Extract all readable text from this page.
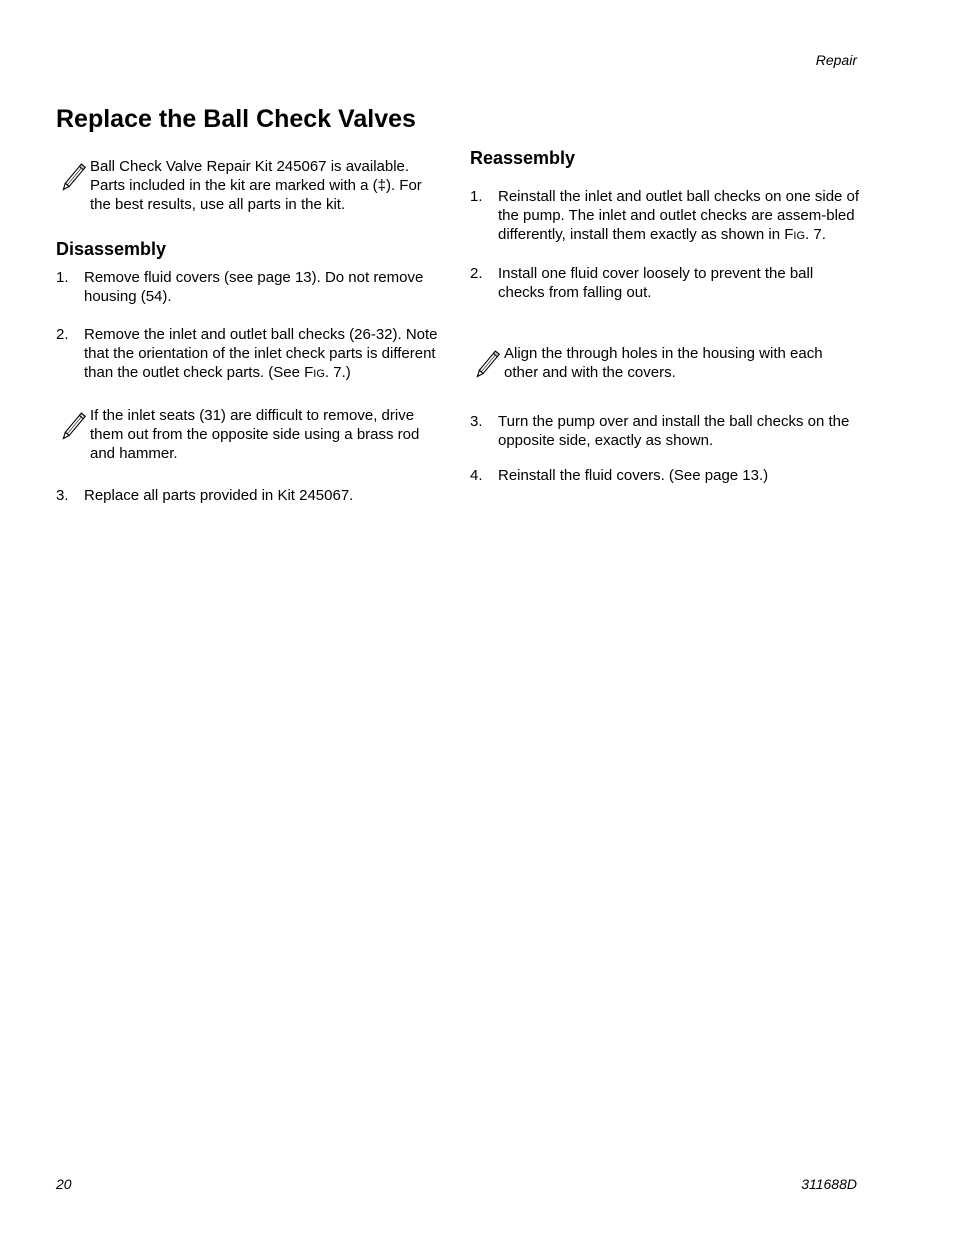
Repair
Replace the Ball Check Valves
Ball Check Valve Repair Kit 245067 is available. Parts included in the kit are marked with a (‡). For the best results, use all parts in the kit.
Disassembly
1.	Remove fluid covers (see page 13). Do not remove housing (54).
2.	Remove the inlet and outlet ball checks (26-32). Note that the orientation of the inlet check parts is different than the outlet check parts. (See FIG. 7.)
If the inlet seats (31) are difficult to remove, drive them out from the opposite side using a brass rod and hammer.
3.	Replace all parts provided in Kit 245067.
Reassembly
1.	Reinstall the inlet and outlet ball checks on one side of the pump. The inlet and outlet checks are assem-bled differently, install them exactly as shown in FIG. 7.
2.	Install one fluid cover loosely to prevent the ball checks from falling out.
Align the through holes in the housing with each other and with the covers.
3.	Turn the pump over and install the ball checks on the opposite side, exactly as shown.
4.	Reinstall the fluid covers. (See page 13.)
20	311688D
